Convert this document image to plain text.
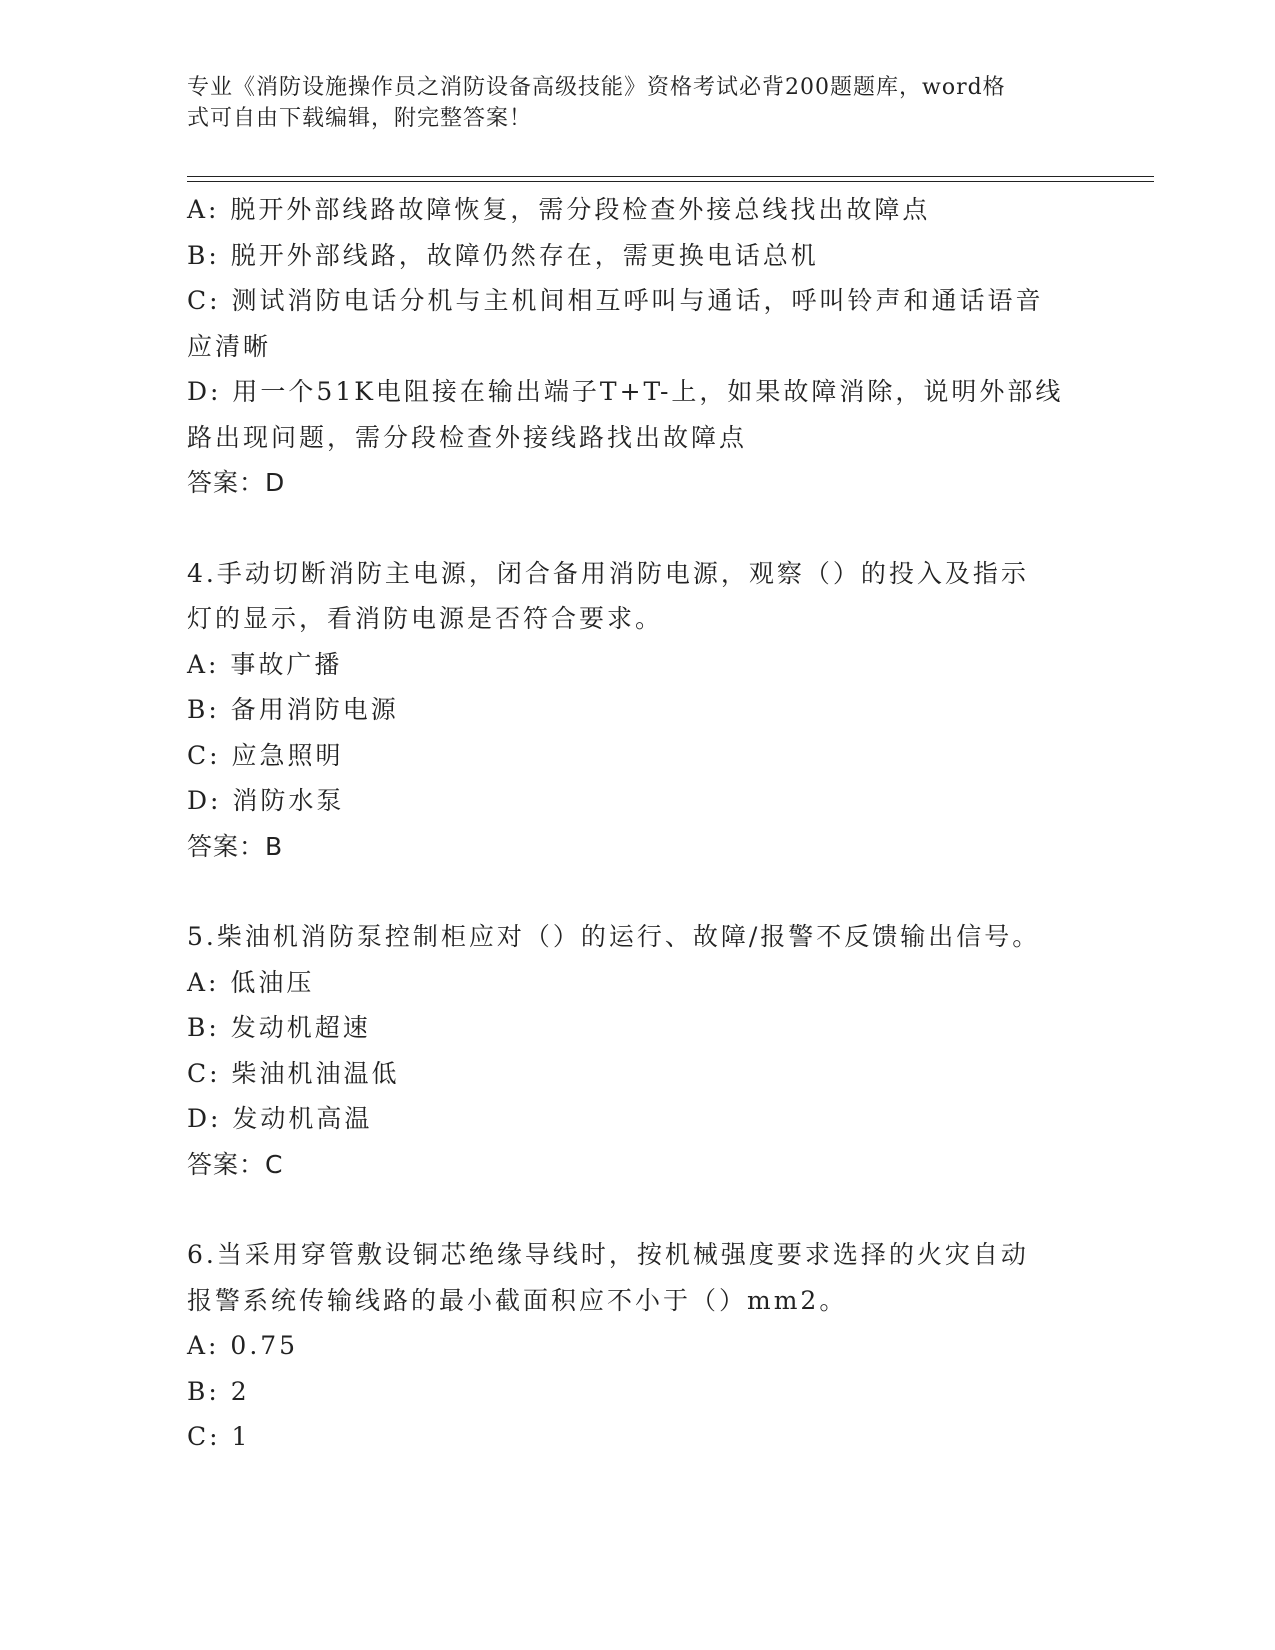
专业《消防设施操作员之消防设备高级技能》资格考试必背200题题库，word格
式可自由下载编辑，附完整答案！
A: 脱开外部线路故障恢复，需分段检查外接总线找出故障点
B: 脱开外部线路，故障仍然存在，需更换电话总机
C: 测试消防电话分机与主机间相互呼叫与通话，呼叫铃声和通话语音
应清晰
D: 用一个51K电阻接在输出端子T+T-上，如果故障消除，说明外部线
路出现问题，需分段检查外接线路找出故障点
答案：D
4.手动切断消防主电源，闭合备用消防电源，观察（）的投入及指示
灯的显示，看消防电源是否符合要求。
A: 事故广播
B: 备用消防电源
C: 应急照明
D: 消防水泵
答案：B
5.柴油机消防泵控制柜应对（）的运行、故障/报警不反馈输出信号。
A: 低油压
B: 发动机超速
C: 柴油机油温低
D: 发动机高温
答案：C
6.当采用穿管敷设铜芯绝缘导线时，按机械强度要求选择的火灾自动
报警系统传输线路的最小截面积应不小于（）mm2。
A: 0.75
B: 2
C: 1
